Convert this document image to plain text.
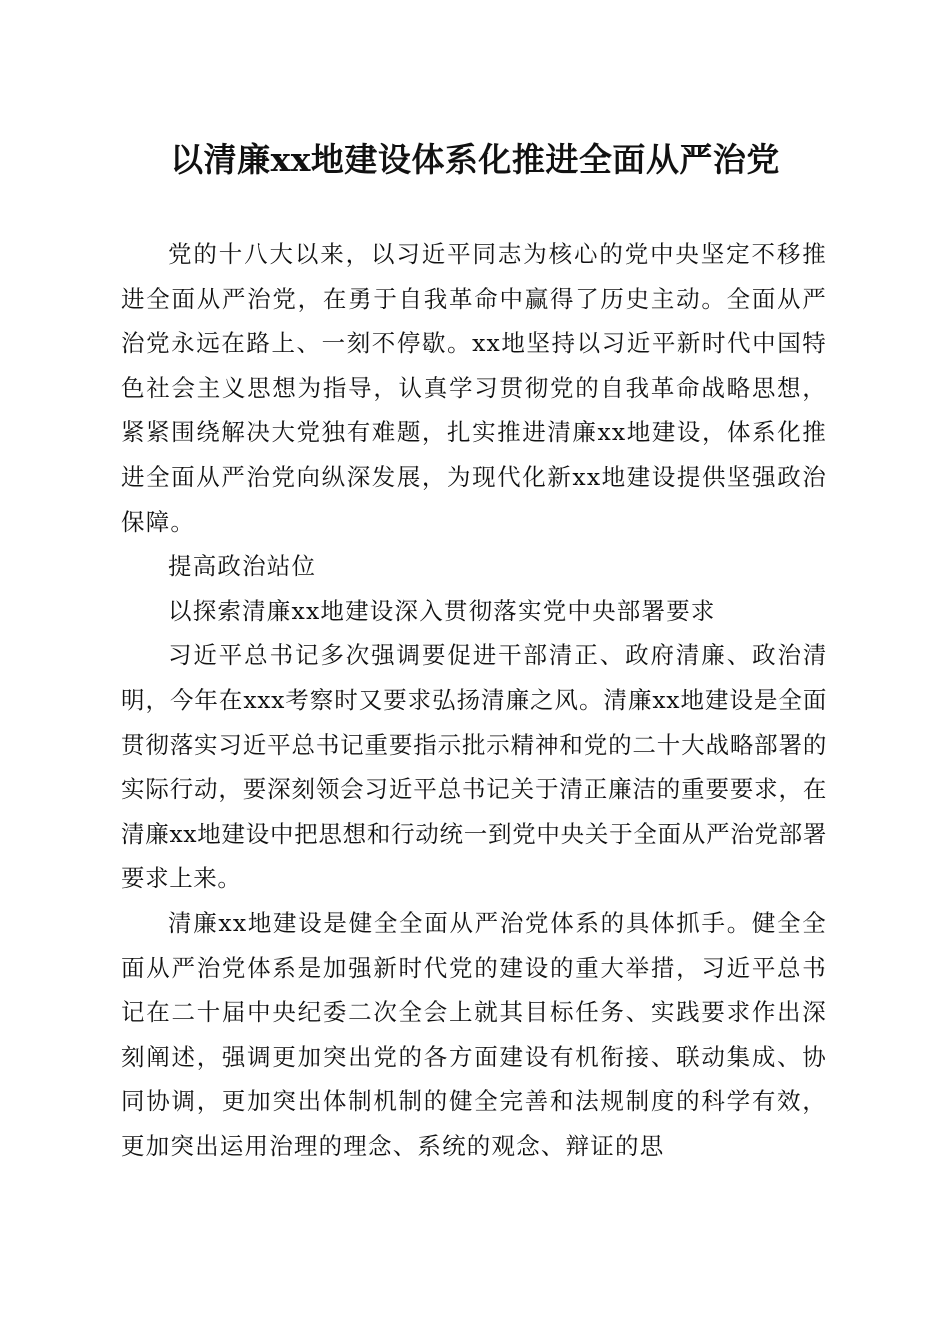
以清廉xx地建设体系化推进全面从严治党

党的十八大以来，以习近平同志为核心的党中央坚定不移推进全面从严治党，在勇于自我革命中赢得了历史主动。全面从严治党永远在路上、一刻不停歇。xx地坚持以习近平新时代中国特色社会主义思想为指导，认真学习贯彻党的自我革命战略思想，紧紧围绕解决大党独有难题，扎实推进清廉xx地建设，体系化推进全面从严治党向纵深发展，为现代化新xx地建设提供坚强政治保障。

提高政治站位

以探索清廉xx地建设深入贯彻落实党中央部署要求

习近平总书记多次强调要促进干部清正、政府清廉、政治清明，今年在xxx考察时又要求弘扬清廉之风。清廉xx地建设是全面贯彻落实习近平总书记重要指示批示精神和党的二十大战略部署的实际行动，要深刻领会习近平总书记关于清正廉洁的重要要求，在清廉xx地建设中把思想和行动统一到党中央关于全面从严治党部署要求上来。

清廉xx地建设是健全全面从严治党体系的具体抓手。健全全面从严治党体系是加强新时代党的建设的重大举措，习近平总书记在二十届中央纪委二次全会上就其目标任务、实践要求作出深刻阐述，强调更加突出党的各方面建设有机衔接、联动集成、协同协调，更加突出体制机制的健全完善和法规制度的科学有效，更加突出运用治理的理念、系统的观念、辩证的思
